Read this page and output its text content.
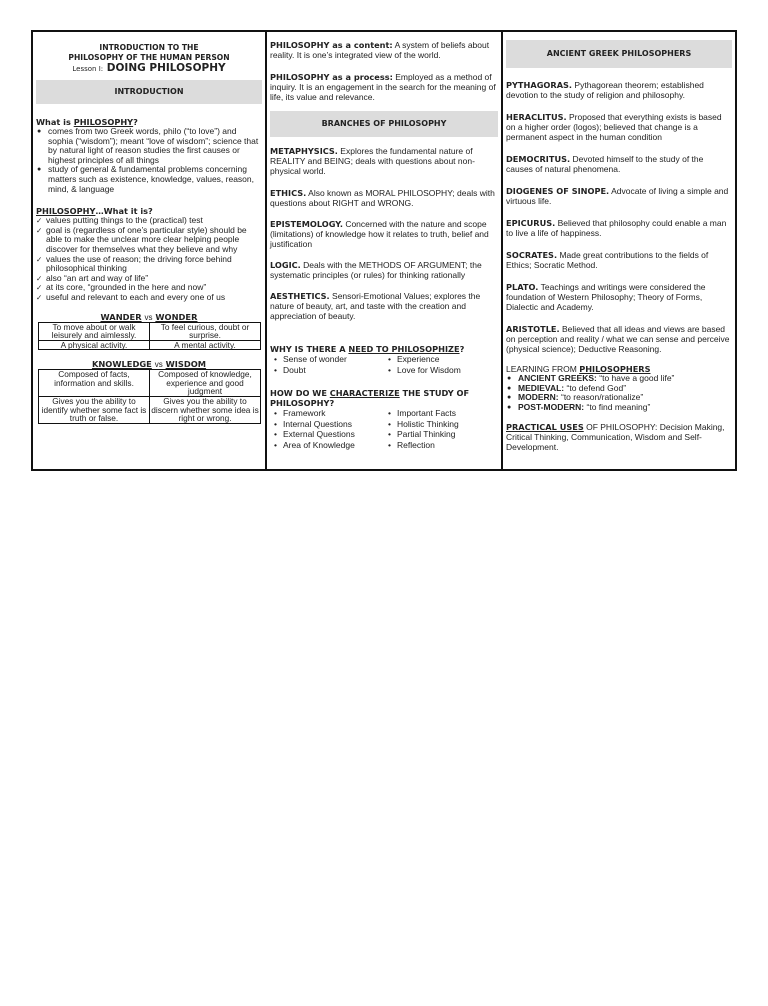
INTRODUCTION TO THE
PHILOSOPHY OF THE HUMAN PERSON
Lesson I: DOING PHILOSOPHY
INTRODUCTION
What is PHILOSOPHY?
● comes from two Greek words, philo (“to love”) and sophia (“wisdom”); meant “love of wisdom”; science that by natural light of reason studies the first causes or highest principles of all things
● study of general & fundamental problems concerning matters such as existence, knowledge, values, reason, mind, & language
PHILOSOPHY…What it is?
✓ values putting things to the (practical) test
✓ goal is (regardless of one’s particular style) should be able to make the unclear more clear helping people discover for themselves what they believe and why
✓ values the use of reason; the driving force behind philosophical thinking
✓ also “an art and way of life”
✓ at its core, “grounded in the here and now”
✓ useful and relevant to each and every one of us
WANDER vs WONDER
To move about or walk leisurely and aimlessly.	To feel curious, doubt or surprise.
A physical activity.	A mental activity.
KNOWLEDGE vs WISDOM
Composed of facts, information and skills.	Composed of knowledge, experience and good judgment
Gives you the ability to identify whether some fact is truth or false.	Gives you the ability to discern whether some idea is right or wrong.
PHILOSOPHY as a content: A system of beliefs about reality. It is one’s integrated view of the world.
PHILOSOPHY as a process: Employed as a method of inquiry. It is an engagement in the search for the meaning of life, its value and relevance.
BRANCHES OF PHILOSOPHY
METAPHYSICS. Explores the fundamental nature of REALITY and BEING; deals with questions about non-physical world.
ETHICS. Also known as MORAL PHILOSOPHY; deals with questions about RIGHT and WRONG.
EPISTEMOLOGY. Concerned with the nature and scope (limitations) of knowledge how it relates to truth, belief and justification
LOGIC. Deals with the METHODS OF ARGUMENT; the systematic principles (or rules) for thinking rationally
AESTHETICS. Sensori-Emotional Values; explores the nature of beauty, art, and taste with the creation and appreciation of beauty.
WHY IS THERE A NEED TO PHILOSOPHIZE?
• Sense of wonder
• Doubt
• Experience
• Love for Wisdom
HOW DO WE CHARACTERIZE THE STUDY OF PHILOSOPHY?
• Framework
• Internal Questions
• External Questions
• Area of Knowledge
• Important Facts
• Holistic Thinking
• Partial Thinking
• Reflection
ANCIENT GREEK PHILOSOPHERS
PYTHAGORAS. Pythagorean theorem; established devotion to the study of religion and philosophy.
HERACLITUS. Proposed that everything exists is based on a higher order (logos); believed that change is a permanent aspect in the human condition
DEMOCRITUS. Devoted himself to the study of the causes of natural phenomena.
DIOGENES OF SINOPE. Advocate of living a simple and virtuous life.
EPICURUS. Believed that philosophy could enable a man to live a life of happiness.
SOCRATES. Made great contributions to the fields of Ethics; Socratic Method.
PLATO. Teachings and writings were considered the foundation of Western Philosophy; Theory of Forms, Dialectic and Academy.
ARISTOTLE. Believed that all ideas and views are based on perception and reality / what we can sense and perceive (physical science); Deductive Reasoning.
LEARNING FROM PHILOSOPHERS
● ANCIENT GREEKS: “to have a good life”
● MEDIEVAL: “to defend God”
● MODERN: “to reason/rationalize”
● POST-MODERN: “to find meaning”
PRACTICAL USES OF PHILOSOPHY: Decision Making, Critical Thinking, Communication, Wisdom and Self-Development.
